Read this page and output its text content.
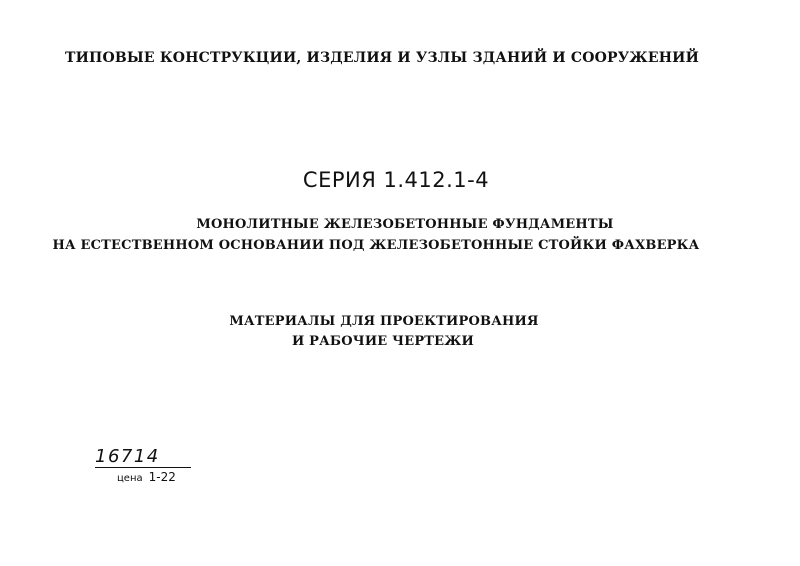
ТИПОВЫЕ КОНСТРУКЦИИ, ИЗДЕЛИЯ И УЗЛЫ ЗДАНИЙ И СООРУЖЕНИЙ
СЕРИЯ 1.412.1-4
МОНОЛИТНЫЕ ЖЕЛЕЗОБЕТОННЫЕ ФУНДАМЕНТЫ
НА ЕСТЕСТВЕННОМ ОСНОВАНИИ ПОД ЖЕЛЕЗОБЕТОННЫЕ СТОЙКИ ФАХВЕРКА
МАТЕРИАЛЫ ДЛЯ ПРОЕКТИРОВАНИЯ
И РАБОЧИЕ ЧЕРТЕЖИ
16714
цена 1-22
